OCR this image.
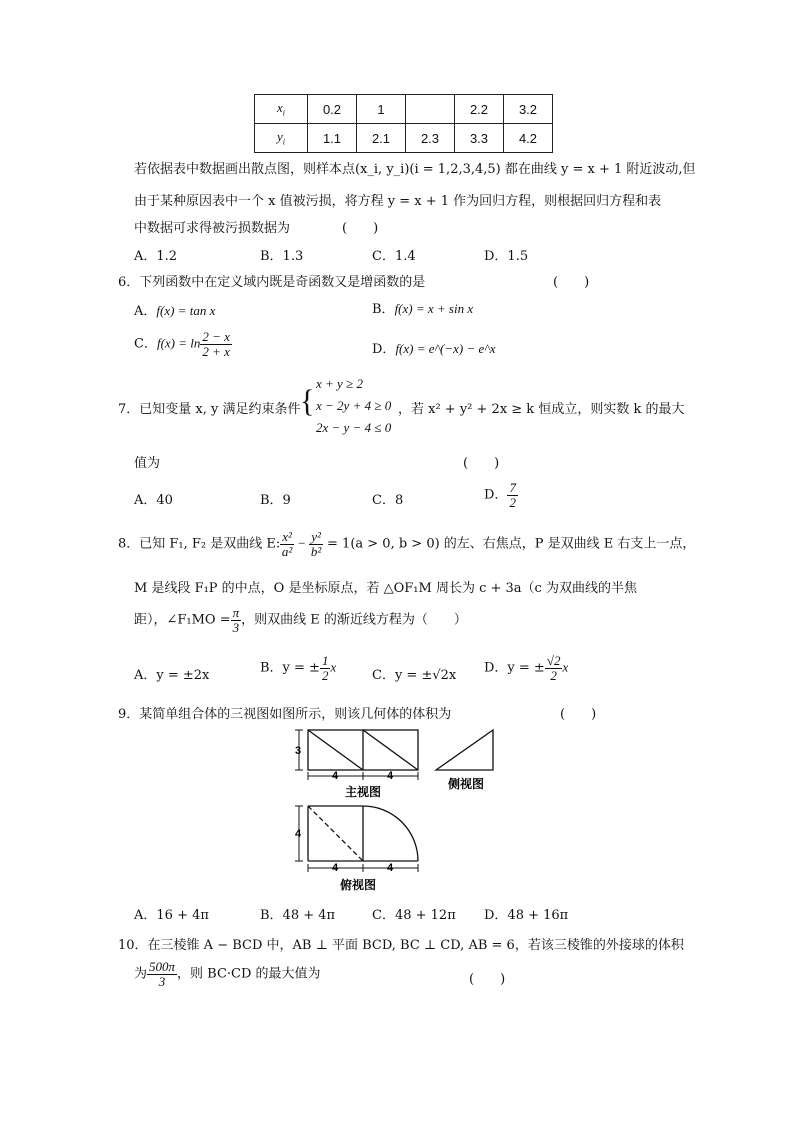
$x_i$	0.2	1		2.2	3.2
$y_i$	1.1	2.1	2.3	3.3	4.2
若依据表中数据画出散点图，则样本点(x_i, y_i)(i = 1,2,3,4,5) 都在曲线 y = x + 1 附近波动,但
由于某种原因表中一个 x 值被污损，将方程 y = x + 1 作为回归方程，则根据回归方程和表
中数据可求得被污损数据为	(　　)
A．1.2	B．1.3	C．1.4	D．1.5
6．下列函数中在定义域内既是奇函数又是增函数的是	(　　)
A．f(x) = tan x	B．f(x) = x + sin x
C．$f(x) = \ln \frac{2 - x}{2 + x}$	D．f(x) = e^(−x) − e^x
7．已知变量 x, y 满足约束条件 {
x + y ≥ 2
x − 2y + 4 ≥ 0
2x − y − 4 ≤ 0
，若 x² + y² + 2x ≥ k 恒成立，则实数 k 的最大
值为	(　　)
A．40	B．9	C．8	D． $\frac{7}{2}$
8．已知 F₁, F₂ 是双曲线 E: $\frac{\text{x²}}{\text{a²}} - \frac{\text{y²}}{\text{b²}} = 1(a > 0$, b > 0) 的左、右焦点，P 是双曲线 E 右支上一点，
M 是线段 F₁P 的中点，O 是坐标原点，若 △OF₁M 周长为 c + 3a（c 为双曲线的半焦
距），∠F₁MO = $\frac{\pi}{3}$ ，则双曲线 E 的渐近线方程为（　　）
A．y = ±2x	B．y = ± $\frac{1}{2}$ x
C．y = ±√2x D．y = ± $\frac{√2}{2}$ x
9．某简单组合体的三视图如图所示，则该几何体的体积为	(　　)
3
4	4
主视图
侧视图
4
4	4
俯视图
A．16 + 4π	B．48 + 4π	C．48 + 12π D．48 + 16π
10．在三棱锥 A − BCD 中，AB ⊥ 平面 BCD, BC ⊥ CD, AB = 6，若该三棱锥的外接球的体积
为 $\frac{500\pi}{3}$ ，则 BC·CD 的最大值为	(　　)
